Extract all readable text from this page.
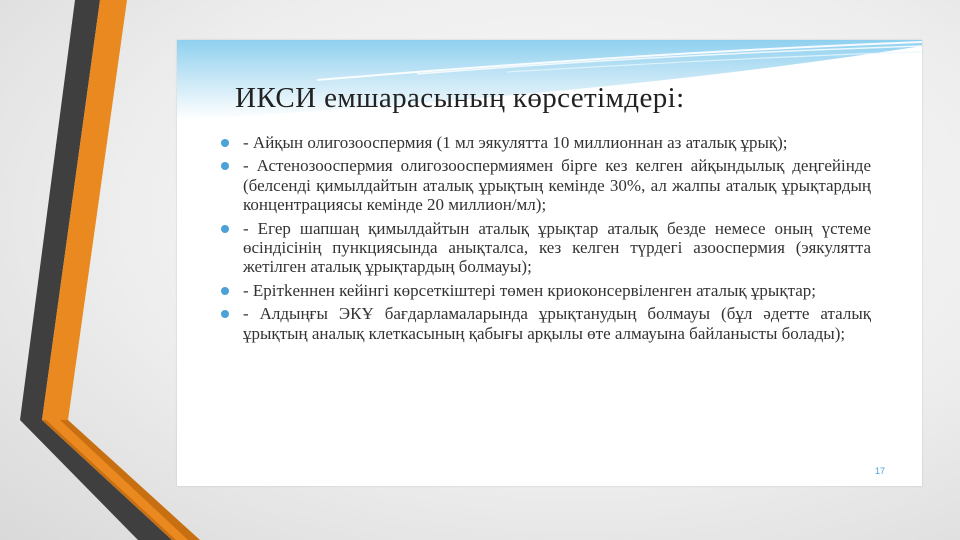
ИКСИ емшарасының көрсетімдері:
- Айқын олигозооспермия (1 мл эякулятта 10 миллионнан аз аталық ұрық);
- Астенозооспермия олигозооспермиямен бірге кез келген айқындылық деңгейінде (белсенді қимылдайтын аталық ұрықтың кемінде 30%, ал жалпы аталық ұрықтардың концентрациясы кемінде 20 миллион/мл);
- Егер шапшаң қимылдайтын аталық ұрықтар аталық безде немесе оның үстеме өсіндісінің пункциясында анықталса, кез келген түрдегі азооспермия (эякулятта жетілген аталық ұрықтардың болмауы);
- Ерітkеннен кейінгі көрсеткіштері төмен криоконсервіленген аталық ұрықтар;
- Алдыңғы ЭКҰ бағдарламаларында ұрықтанудың болмауы (бұл әдетте аталық ұрықтың аналық клеткасының қабығы арқылы өте алмауына байланысты болады);
17
